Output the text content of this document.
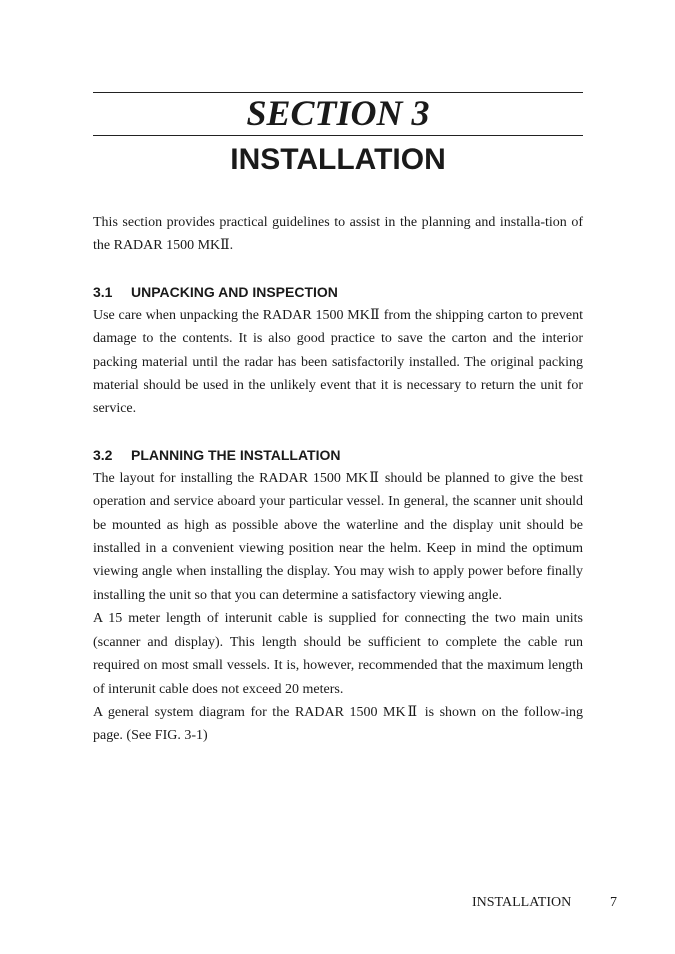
SECTION 3
INSTALLATION

This section provides practical guidelines to assist in the planning and installa-tion of the RADAR 1500 MKⅡ.

3.1 UNPACKING AND INSPECTION

Use care when unpacking the RADAR 1500 MKⅡ from the shipping carton to prevent damage to the contents. It is also good practice to save the carton and the interior packing material until the radar has been satisfactorily installed. The original packing material should be used in the unlikely event that it is necessary to return the unit for service.

3.2 PLANNING THE INSTALLATION

The layout for installing the RADAR 1500 MKⅡ should be planned to give the best operation and service aboard your particular vessel. In general, the scanner unit should be mounted as high as possible above the waterline and the display unit should be installed in a convenient viewing position near the helm. Keep in mind the optimum viewing angle when installing the display. You may wish to apply power before finally installing the unit so that you can determine a satisfactory viewing angle.

A 15 meter length of interunit cable is supplied for connecting the two main units (scanner and display). This length should be sufficient to complete the cable run required on most small vessels. It is, however, recommended that the maximum length of interunit cable does not exceed 20 meters.

A general system diagram for the RADAR 1500 MKⅡ is shown on the follow-ing page. (See FIG. 3-1)

INSTALLATION	7
